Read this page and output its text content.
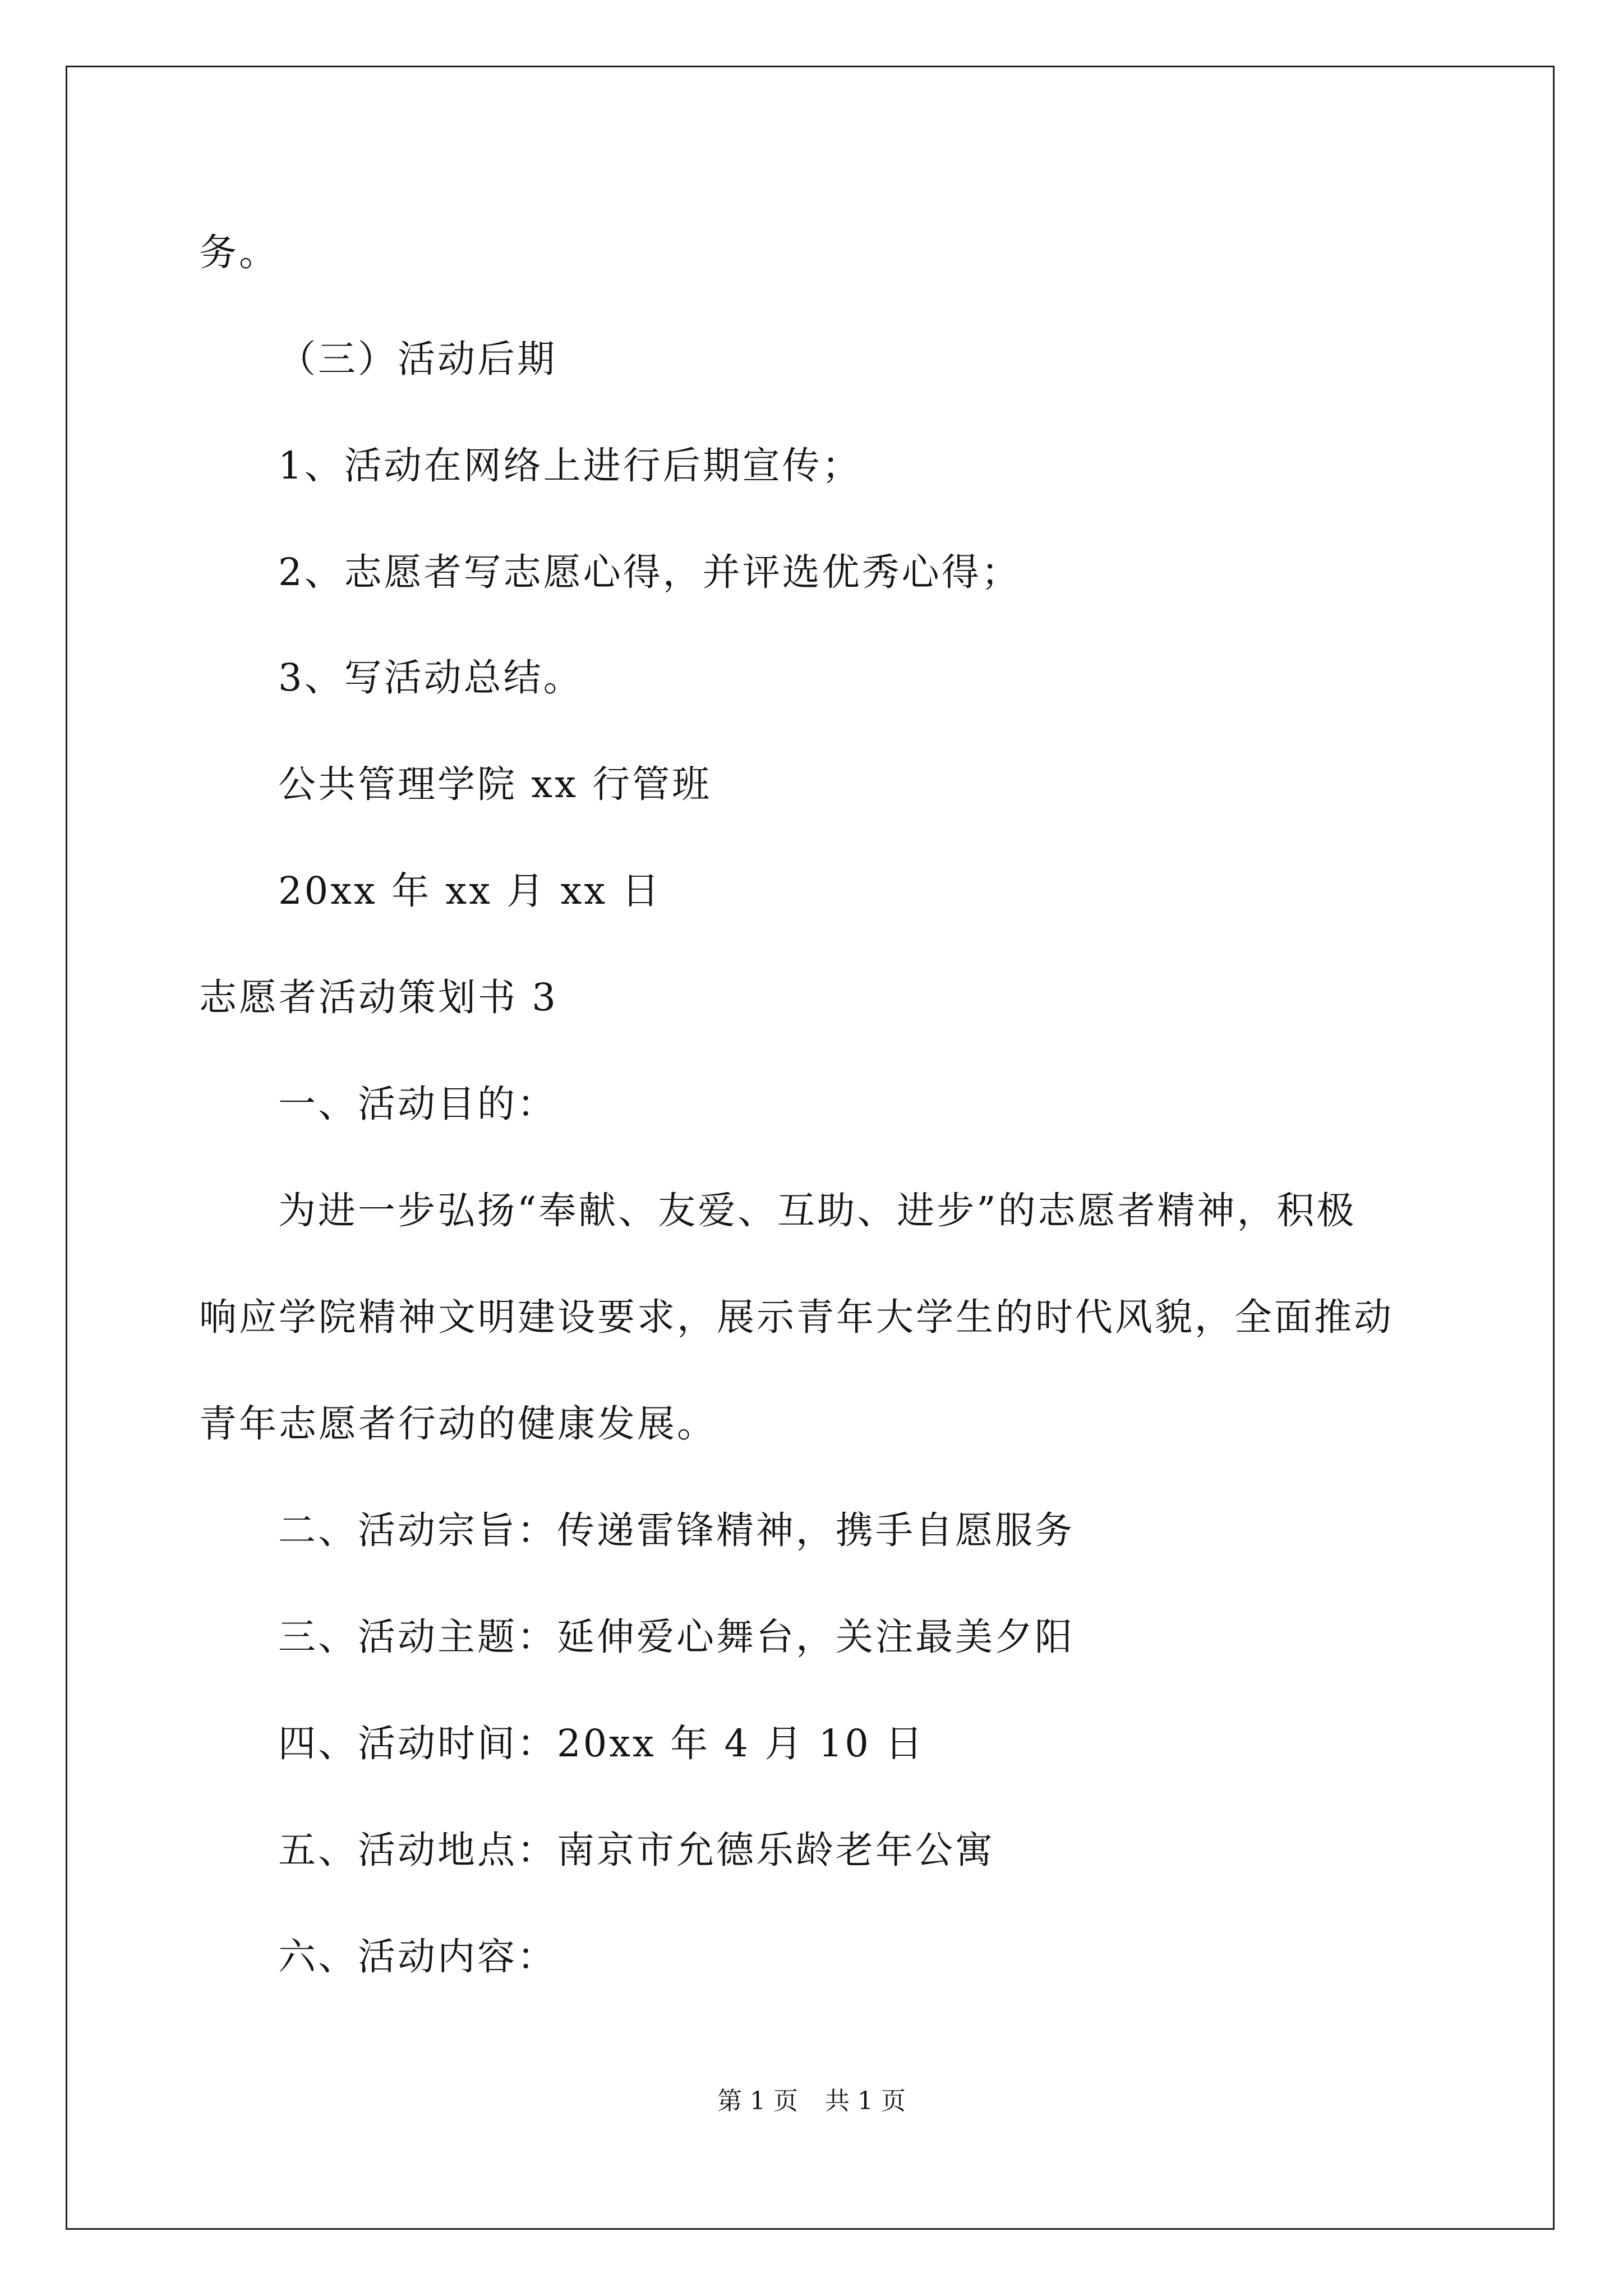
务。
（三）活动后期
1、活动在网络上进行后期宣传；
2、志愿者写志愿心得，并评选优秀心得；
3、写活动总结。
公共管理学院 xx 行管班
20xx 年 xx 月 xx 日
志愿者活动策划书 3
一、活动目的：
为进一步弘扬“奉献、友爱、互助、进步”的志愿者精神，积极
响应学院精神文明建设要求，展示青年大学生的时代风貌，全面推动
青年志愿者行动的健康发展。
二、活动宗旨：传递雷锋精神，携手自愿服务
三、活动主题：延伸爱心舞台，关注最美夕阳
四、活动时间：20xx 年 4 月 10 日
五、活动地点：南京市允德乐龄老年公寓
六、活动内容：
第 1 页 共 1 页
